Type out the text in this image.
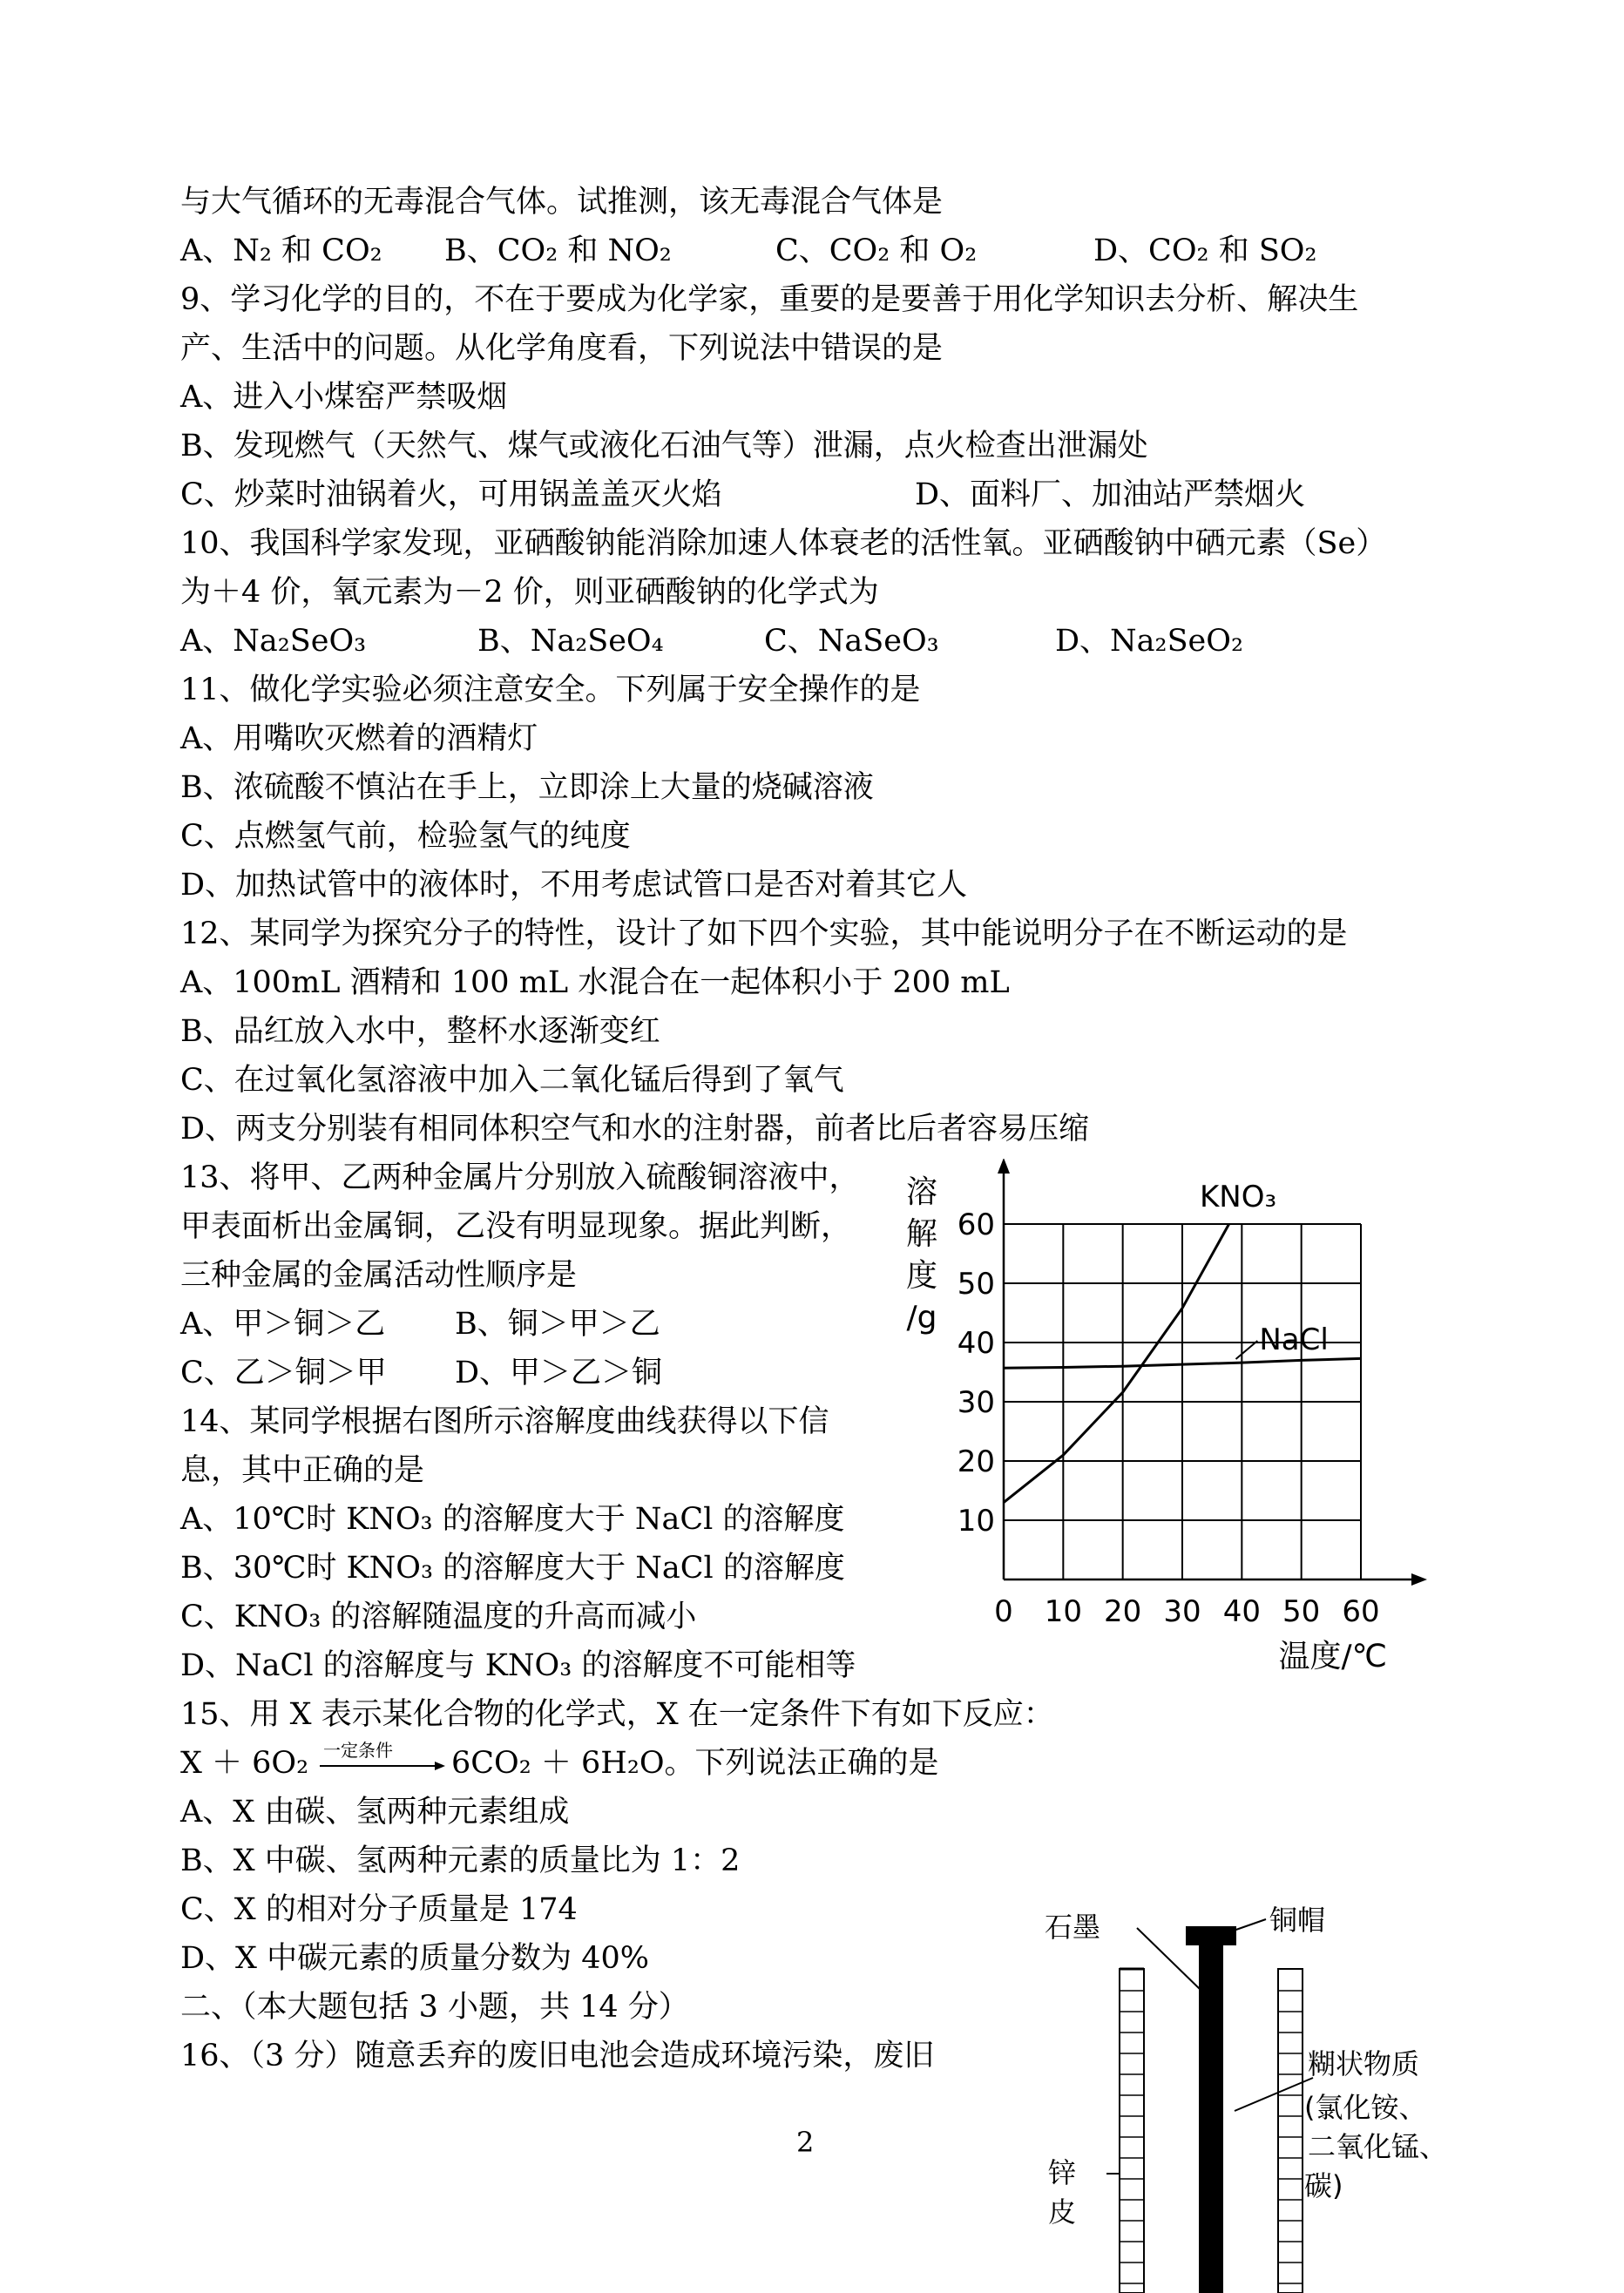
与大气循环的无毒混合气体。试推测，该无毒混合气体是
A、N₂ 和 CO₂ B、CO₂ 和 NO₂	C、CO₂ 和 O₂	D、CO₂ 和 SO₂
9、学习化学的目的，不在于要成为化学家，重要的是要善于用化学知识去分析、解决生
产、生活中的问题。从化学角度看，下列说法中错误的是
A、进入小煤窑严禁吸烟
B、发现燃气（天然气、煤气或液化石油气等）泄漏，点火检查出泄漏处
C、炒菜时油锅着火，可用锅盖盖灭火焰	D、面料厂、加油站严禁烟火
10、我国科学家发现，亚硒酸钠能消除加速人体衰老的活性氧。亚硒酸钠中硒元素（Se）
为＋4 价，氧元素为－2 价，则亚硒酸钠的化学式为
A、Na₂SeO₃	B、Na₂SeO₄	C、NaSeO₃	D、Na₂SeO₂
11、做化学实验必须注意安全。下列属于安全操作的是
A、用嘴吹灭燃着的酒精灯
B、浓硫酸不慎沾在手上，立即涂上大量的烧碱溶液
C、点燃氢气前，检验氢气的纯度
D、加热试管中的液体时，不用考虑试管口是否对着其它人
12、某同学为探究分子的特性，设计了如下四个实验，其中能说明分子在不断运动的是
A、100mL 酒精和 100 mL 水混合在一起体积小于 200 mL
B、品红放入水中，整杯水逐渐变红
C、在过氧化氢溶液中加入二氧化锰后得到了氧气
D、两支分别装有相同体积空气和水的注射器，前者比后者容易压缩
13、将甲、乙两种金属片分别放入硫酸铜溶液中，
甲表面析出金属铜，乙没有明显现象。据此判断，
三种金属的金属活动性顺序是
A、甲＞铜＞乙 B、铜＞甲＞乙
C、乙＞铜＞甲 D、甲＞乙＞铜
14、某同学根据右图所示溶解度曲线获得以下信
息，其中正确的是
A、10℃时 KNO₃ 的溶解度大于 NaCl 的溶解度
B、30℃时 KNO₃ 的溶解度大于 NaCl 的溶解度
C、KNO₃ 的溶解随温度的升高而减小
D、NaCl 的溶解度与 KNO₃ 的溶解度不可能相等
15、用 X 表示某化合物的化学式，X 在一定条件下有如下反应：
X ＋ 6O₂ 一定条件 6CO₂ ＋ 6H₂O。下列说法正确的是
A、X 由碳、氢两种元素组成
B、X 中碳、氢两种元素的质量比为 1：2
C、X 的相对分子质量是 174
D、X 中碳元素的质量分数为 40%
二、（本大题包括 3 小题，共 14 分）
16、（3 分）随意丢弃的废旧电池会造成环境污染，废旧
2
0 10 20 30 40 50 60
10
20
30
40
50
60
溶
解
度
/g
温度/℃
KNO₃
NaCl
石墨	铜帽
糊状物质
(氯化铵、
二氧化锰、
碳)
锌
皮
